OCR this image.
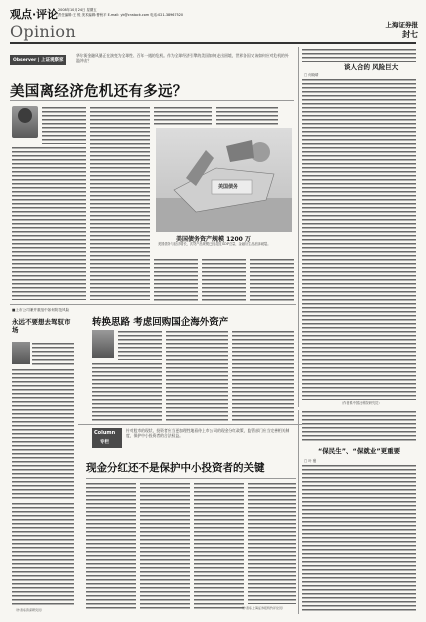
观点·评论 2008年10月24日 星期五
责任编辑:王 锐 美术编辑:曹秋平 E-mail: yk@cnstock.com 电话:021-38967520
Opinion	上海证券报
封七
Observer | 上证观察家
华尔街金融风暴正在演变为全球性、百年一遇的危机。作为全球经济引擎的美国如何走出困境，世界各国又该如何应对危机的外溢冲击？
美国离经济危机还有多远？
美国债务
美国债务资产规模 1200 万
美国债务与经济增长，次贷产品规模已经超过GDP总量，金融衍生品泡沫破裂。
谈人合的 风险巨大
□ 何晓晴
（作者系中国社科院研究员）
■上市公司兼并重组中如何防范风险
永远不要想去驾驭市场
转换思路 考虑回购国企海外资产
Column
专栏
针对股市的现状，投资者应当更加理性地看待上市公司的现金分红政策，监管部门应当完善相关制度，保护中小投资者的合法权益。
现金分红还不是保护中小投资者的关键
（作者系上海证券报特约评论员）
（作者系资深研究员）
“保民生”、“保就业”更重要
□ 叶 檀
